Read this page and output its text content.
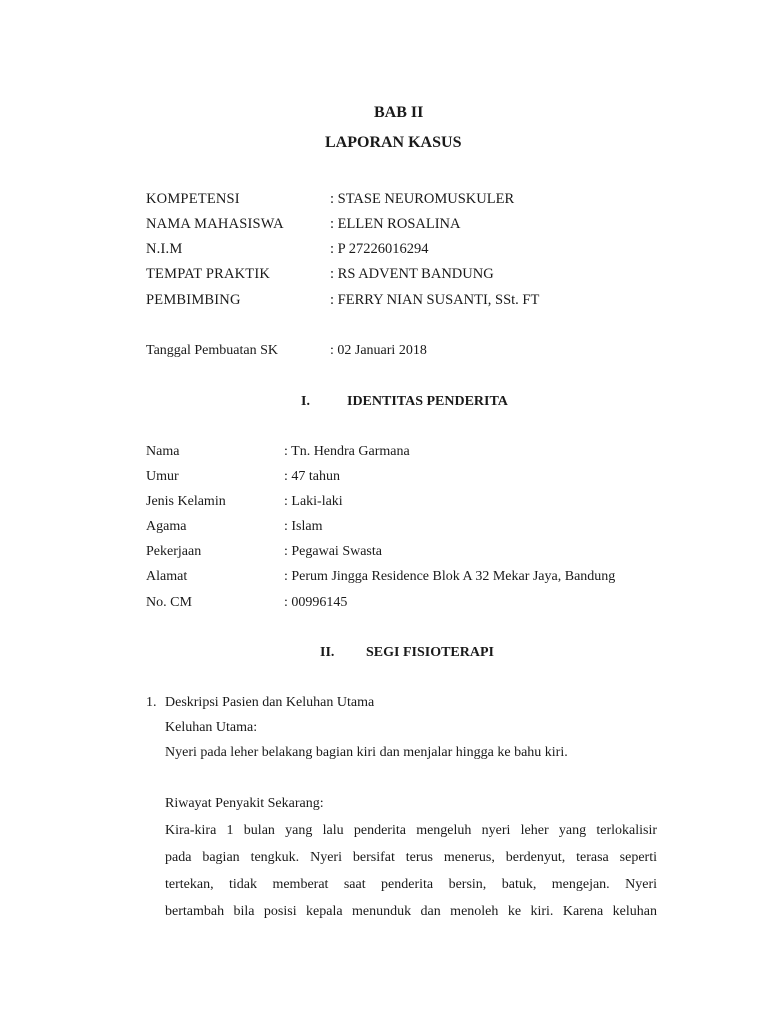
BAB II
LAPORAN KASUS
KOMPETENSI	: STASE NEUROMUSKULER
NAMA MAHASISWA	: ELLEN ROSALINA
N.I.M	: P 27226016294
TEMPAT PRAKTIK	: RS ADVENT BANDUNG
PEMBIMBING	: FERRY NIAN SUSANTI, SSt. FT
Tanggal Pembuatan SK	: 02 Januari 2018
I.	IDENTITAS PENDERITA
Nama	: Tn. Hendra Garmana
Umur	: 47 tahun
Jenis Kelamin	: Laki-laki
Agama	: Islam
Pekerjaan	: Pegawai Swasta
Alamat	: Perum Jingga Residence Blok A 32 Mekar Jaya, Bandung
No. CM	: 00996145
II. SEGI FISIOTERAPI
1. Deskripsi Pasien dan Keluhan Utama
Keluhan Utama:
Nyeri pada leher belakang bagian kiri dan menjalar hingga ke bahu kiri.
Riwayat Penyakit Sekarang:
Kira-kira 1 bulan yang lalu penderita mengeluh nyeri leher yang terlokalisir
pada bagian tengkuk. Nyeri bersifat terus menerus, berdenyut, terasa seperti
tertekan, tidak memberat saat penderita bersin, batuk, mengejan. Nyeri
bertambah bila posisi kepala menunduk dan menoleh ke kiri. Karena keluhan
